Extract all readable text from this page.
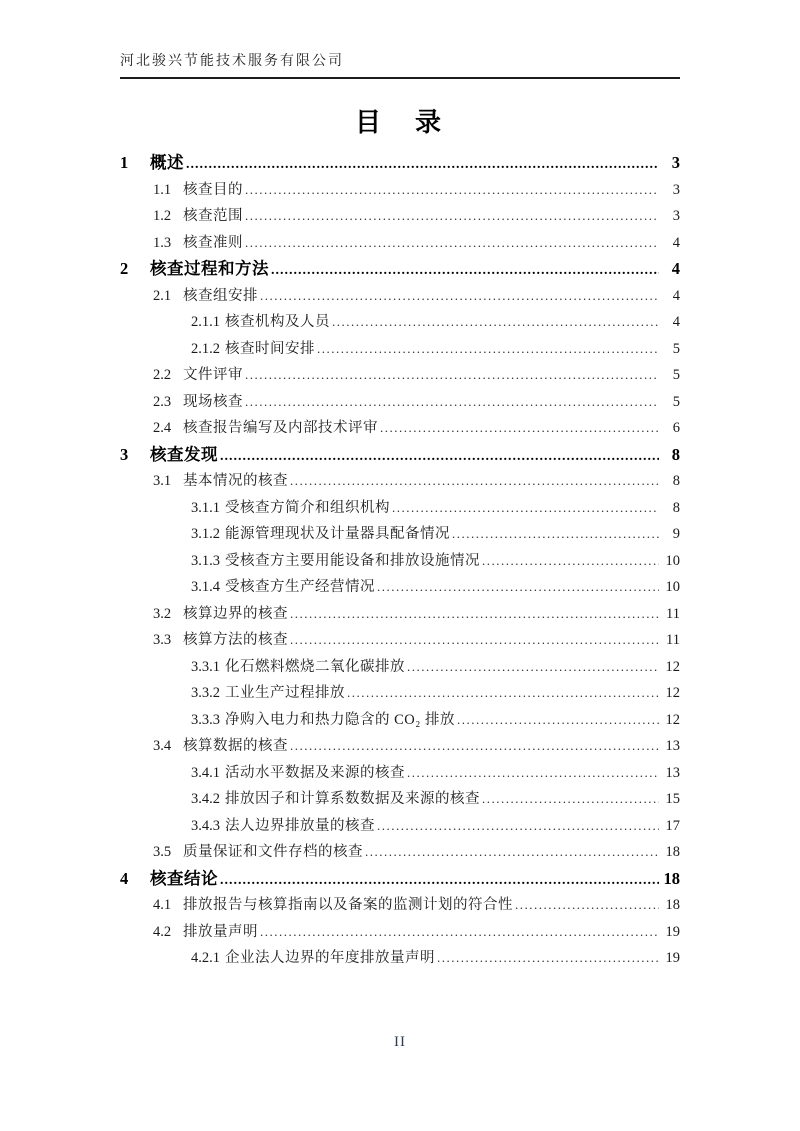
河北骏兴节能技术服务有限公司
目　录
1	概述 .....	3
1.1 核查目的 .....	3
1.2 核查范围 .....	3
1.3 核查准则 .....	4
2	核查过程和方法 .....	4
2.1 核查组安排 .....	4
2.1.1 核查机构及人员 .....	4
2.1.2 核查时间安排 .....	5
2.2 文件评审 .....	5
2.3 现场核查 .....	5
2.4 核查报告编写及内部技术评审 .....	6
3	核查发现 .....	8
3.1 基本情况的核查 .....	8
3.1.1 受核查方简介和组织机构 .....	8
3.1.2 能源管理现状及计量器具配备情况 .....	9
3.1.3 受核查方主要用能设备和排放设施情况 .....	10
3.1.4 受核查方生产经营情况 .....	10
3.2 核算边界的核查 .....	11
3.3 核算方法的核查 .....	11
3.3.1 化石燃料燃烧二氧化碳排放 .....	12
3.3.2 工业生产过程排放 .....	12
3.3.3 净购入电力和热力隐含的 CO₂ 排放 .....	12
3.4 核算数据的核查 .....	13
3.4.1 活动水平数据及来源的核查 .....	13
3.4.2 排放因子和计算系数数据及来源的核查 .....	15
3.4.3 法人边界排放量的核查 .....	17
3.5 质量保证和文件存档的核查 .....	18
4	核查结论 .....	18
4.1 排放报告与核算指南以及备案的监测计划的符合性 .....	18
4.2 排放量声明 .....	19
4.2.1 企业法人边界的年度排放量声明 .....	19
II
